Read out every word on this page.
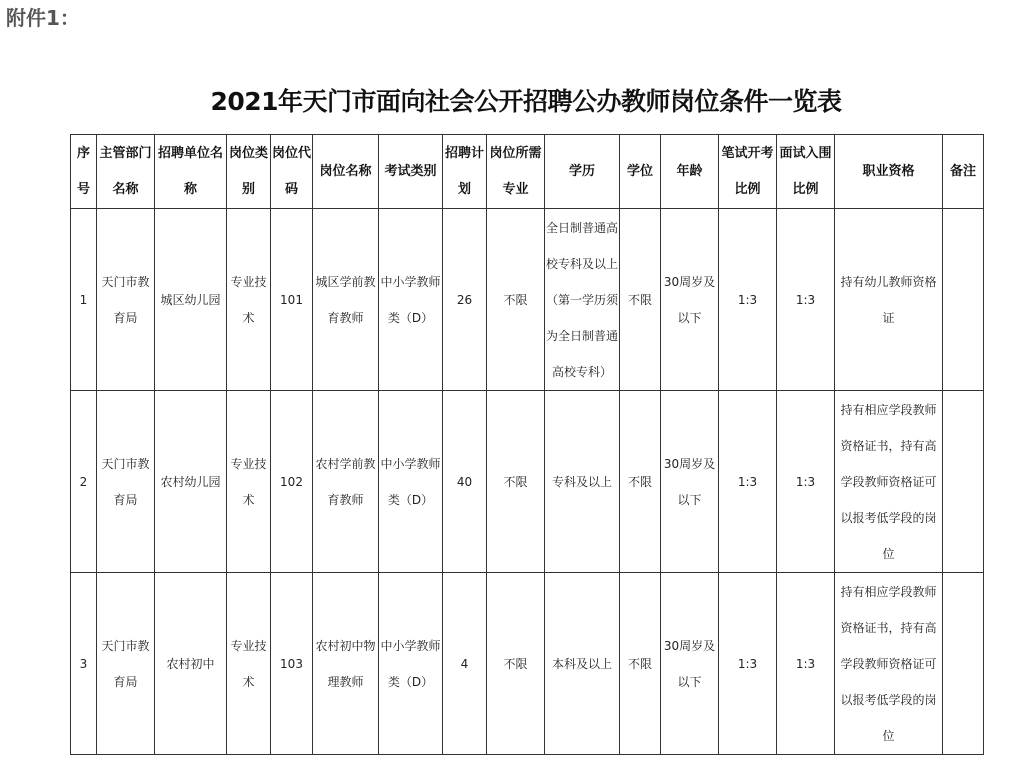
附件1：
2021年天门市面向社会公开招聘公办教师岗位条件一览表
序号	主管部门名称	招聘单位名称	岗位类别	岗位代码	岗位名称	考试类别	招聘计划	岗位所需专业	学历	学位	年龄	笔试开考比例	面试入围比例	职业资格	备注
1	天门市教育局	城区幼儿园	专业技术	101	城区学前教育教师	中小学教师类（D）	26	不限	全日制普通高校专科及以上（第一学历须为全日制普通高校专科）	不限	30周岁及以下	1:3	1:3	持有幼儿教师资格证	
2	天门市教育局	农村幼儿园	专业技术	102	农村学前教育教师	中小学教师类（D）	40	不限	专科及以上	不限	30周岁及以下	1:3	1:3	持有相应学段教师资格证书，持有高学段教师资格证可以报考低学段的岗位	
3	天门市教育局	农村初中	专业技术	103	农村初中物理教师	中小学教师类（D）	4	不限	本科及以上	不限	30周岁及以下	1:3	1:3	持有相应学段教师资格证书，持有高学段教师资格证可以报考低学段的岗位	
